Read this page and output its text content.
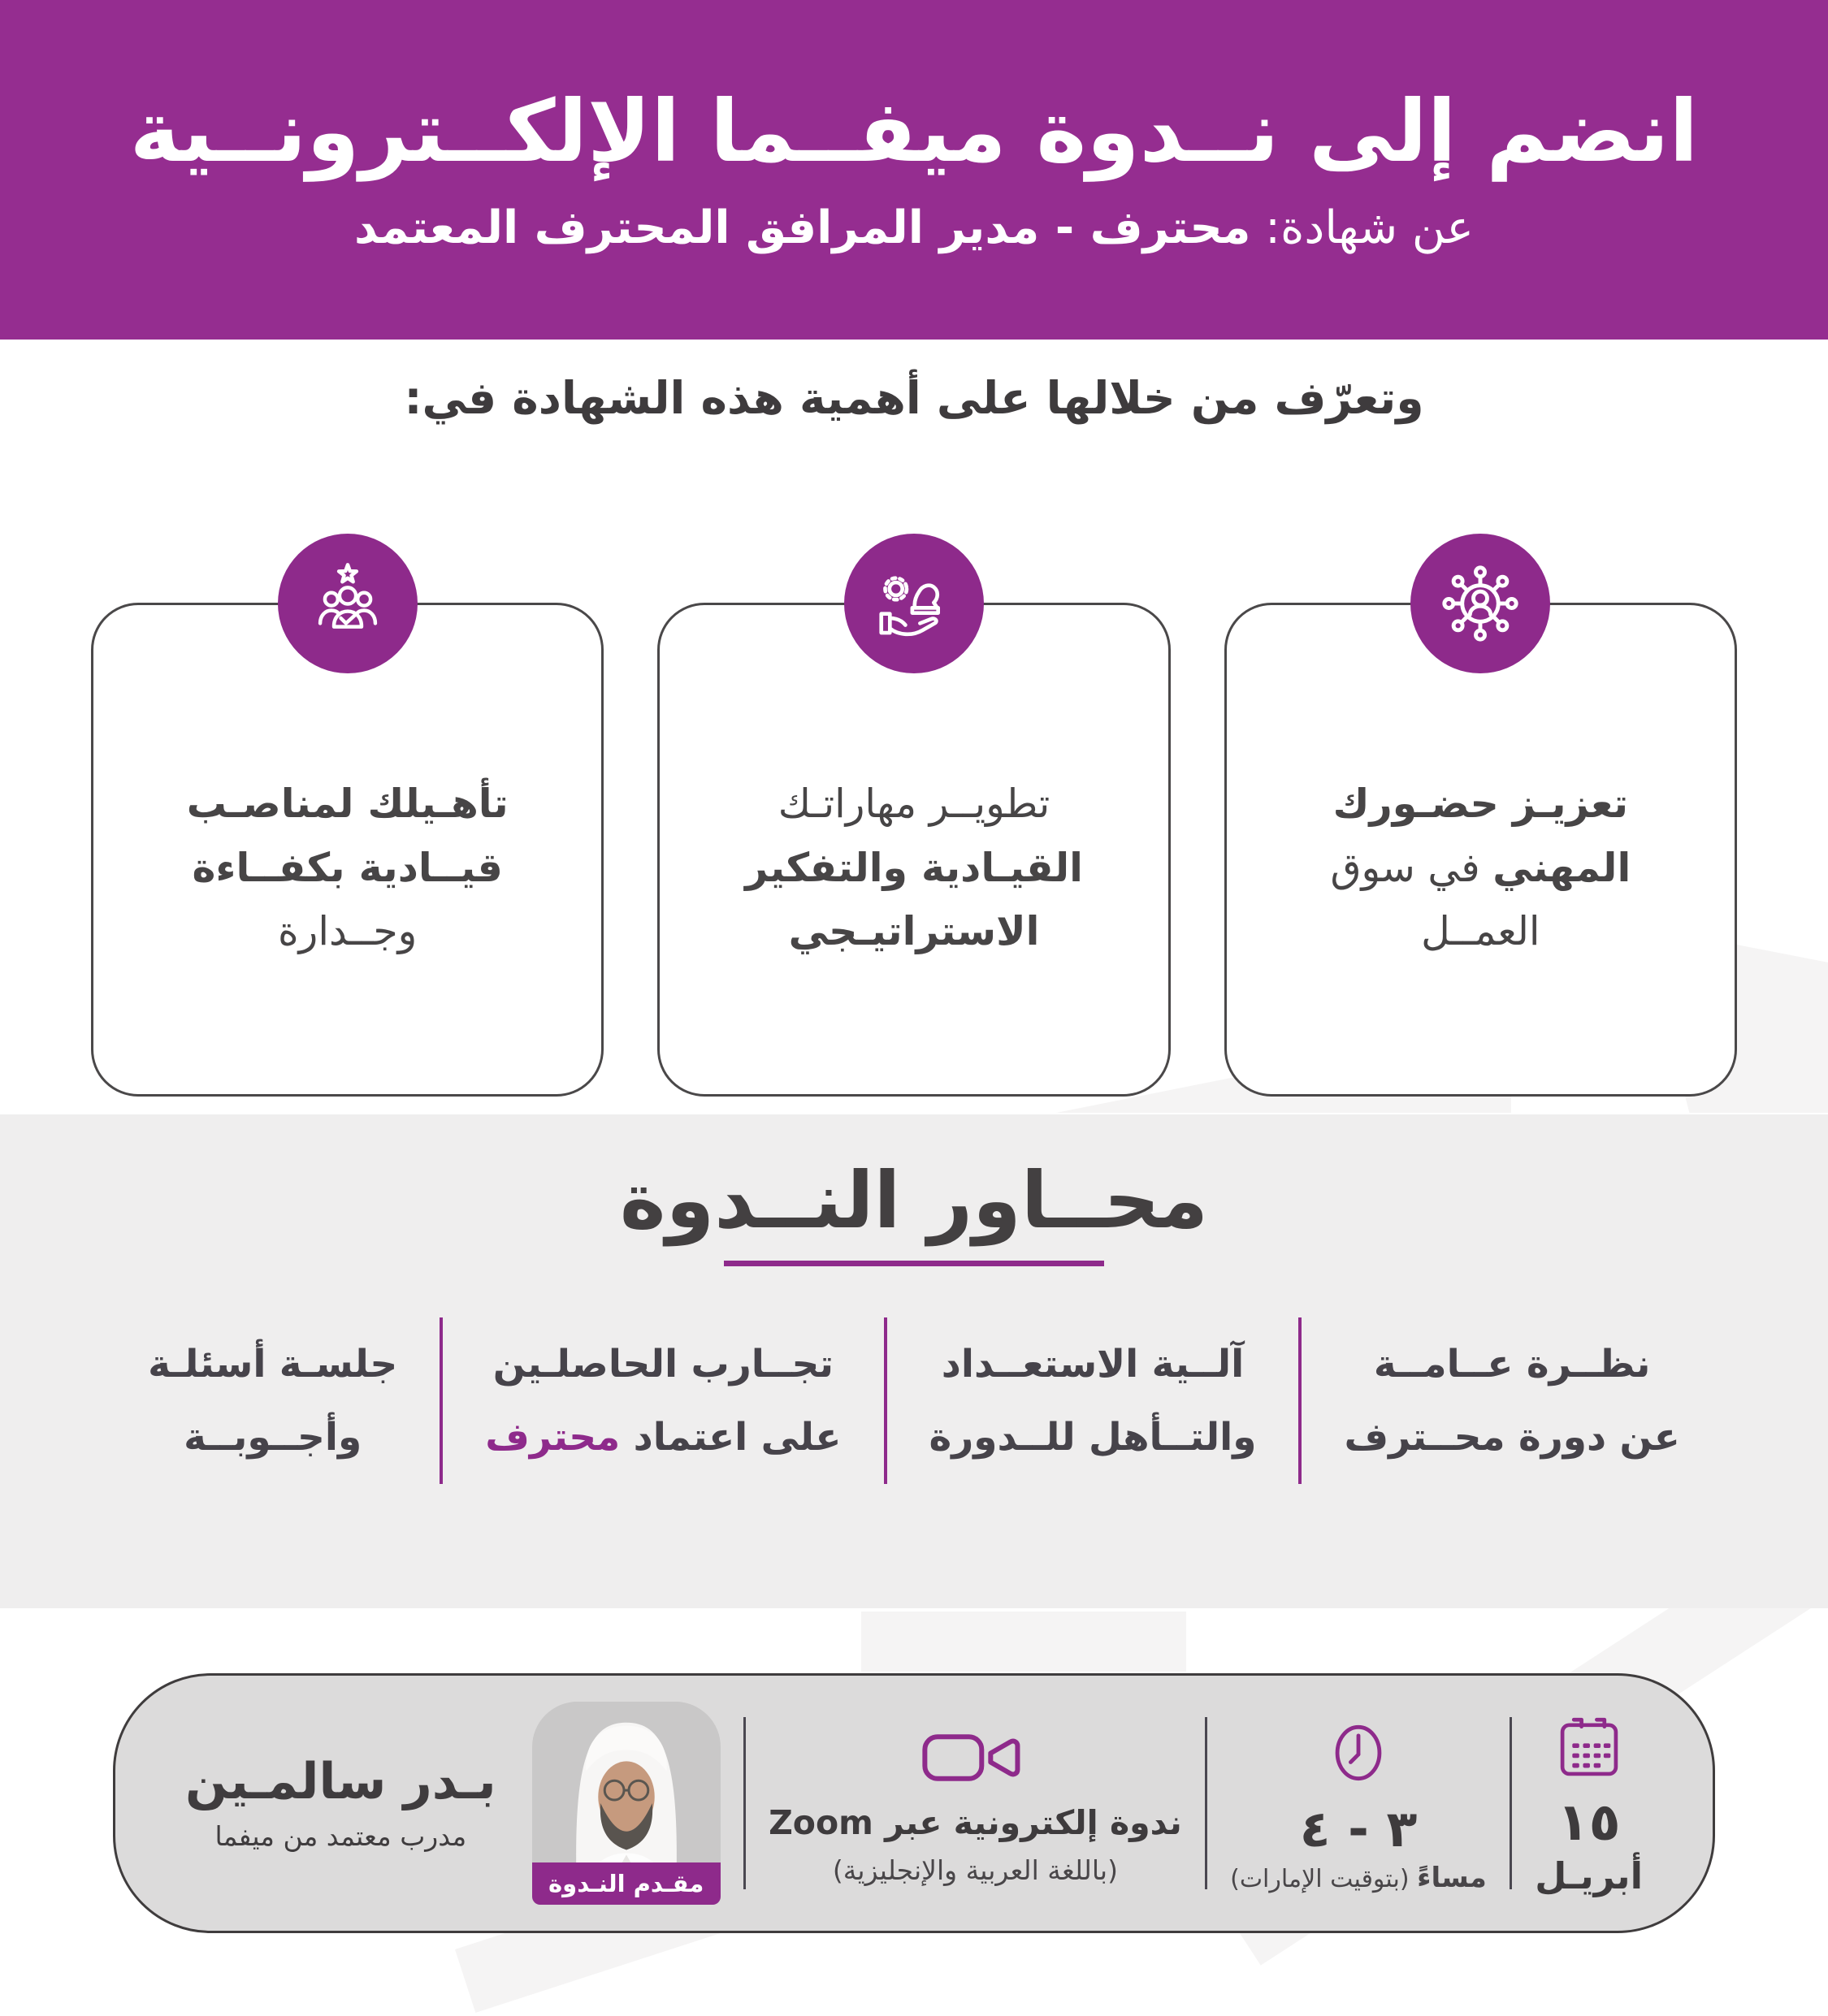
انضم إلى نــدوة ميفــما الإلكــترونــية
عن شهادة: محترف - مدير المرافق المحترف المعتمد
وتعرّف من خلالها على أهمية هذه الشهادة في:
تعزيـز حضـورك
المهني في سوق
العمــل
تطويــر مهاراتـك
القيـادية والتفكير
الاستراتيـجي
تأهـيلك لمناصـب
قيــادية بكفــاءة
وجــدارة
محــاور النــدوة
نظــرة عــامــة
عن دورة محــترف
آلــية الاستعــداد
والتــأهل للــدورة
تجــارب الحاصلـين
على اعتماد محترف
جلسـة أسئلـة
وأجــوبــة
١٥
أبريـل
٣ - ٤
مساءً (بتوقيت الإمارات)
ندوة إلكترونية عبر Zoom
(باللغة العربية والإنجليزية)
مقـدم النـدوة
بـدر سالمـين
مدرب معتمد من ميفما
